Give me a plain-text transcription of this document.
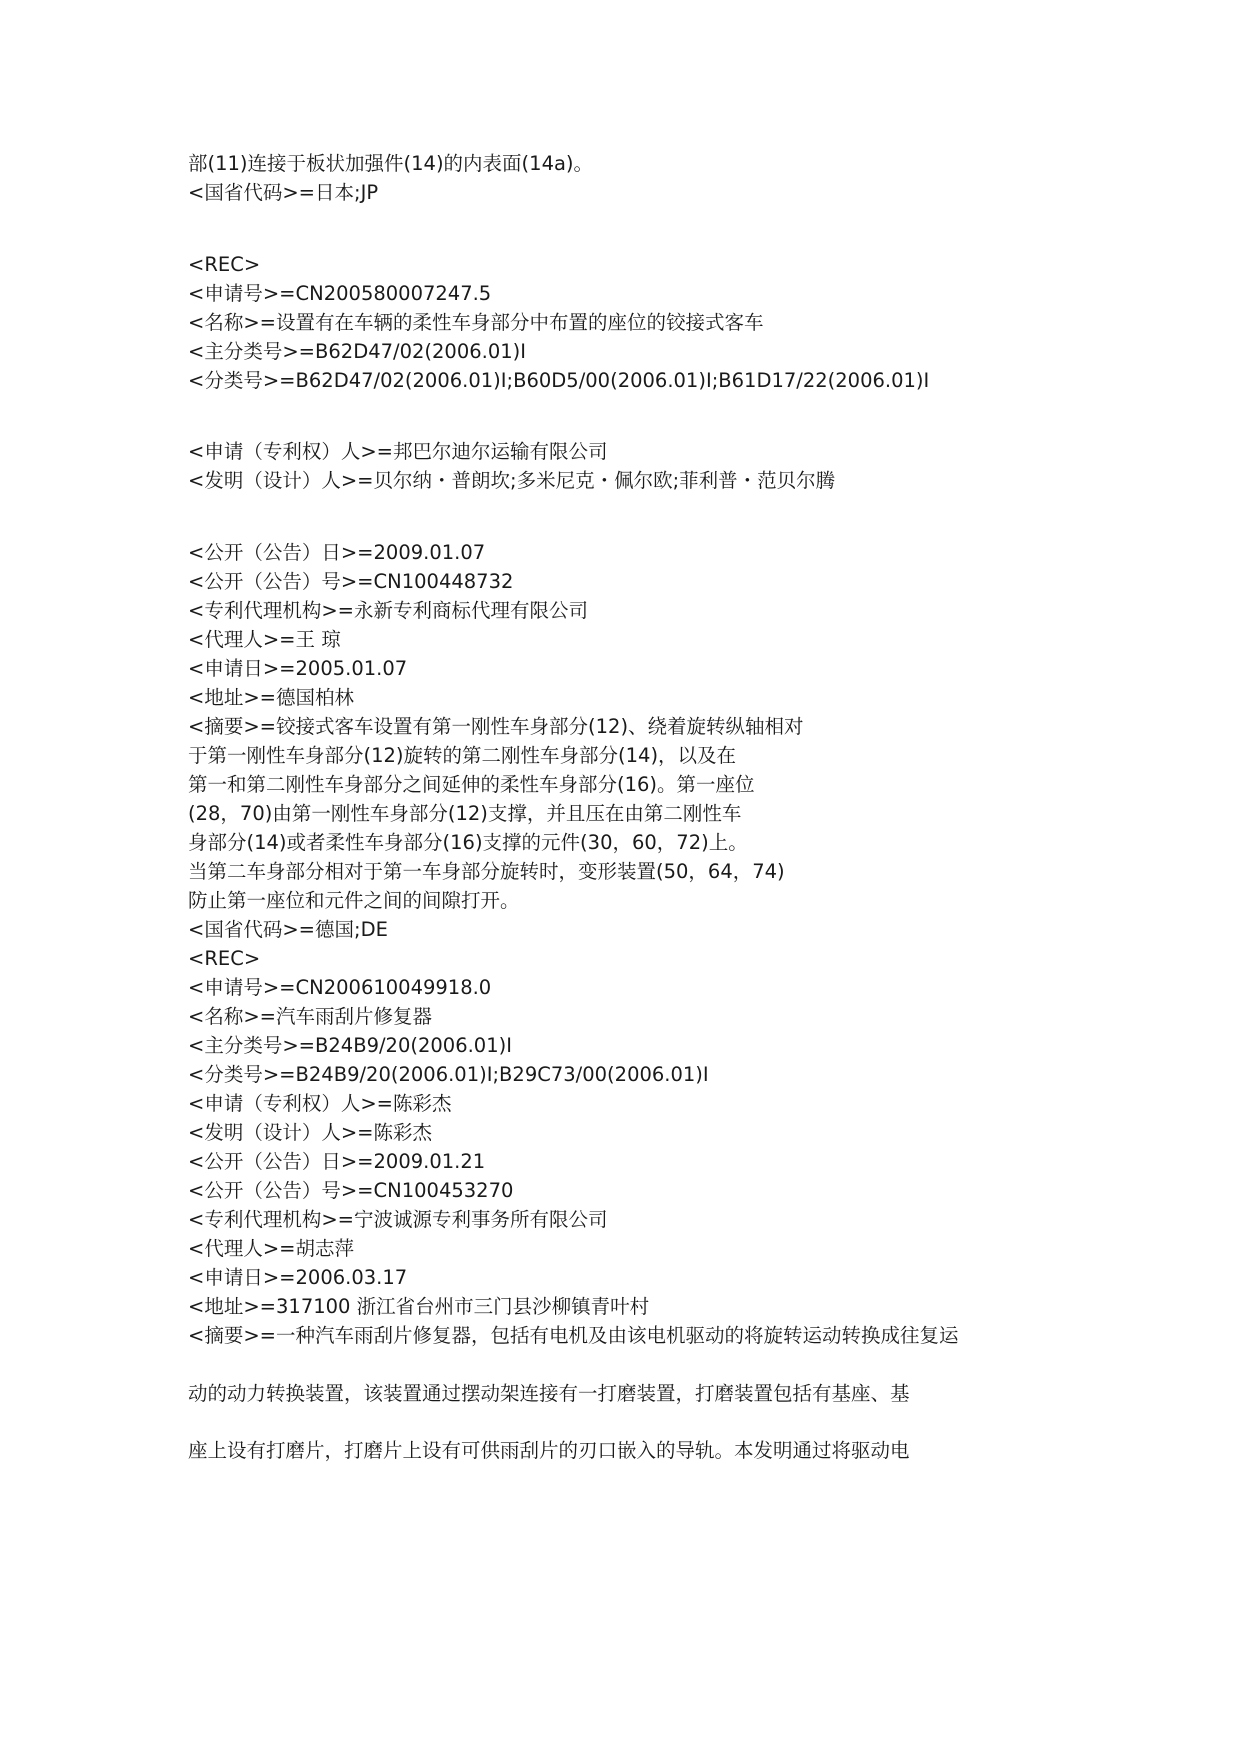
部(11)连接于板状加强件(14)的内表面(14a)。
<国省代码>=日本;JP
<REC>
<申请号>=CN200580007247.5
<名称>=设置有在车辆的柔性车身部分中布置的座位的铰接式客车
<主分类号>=B62D47/02(2006.01)I
<分类号>=B62D47/02(2006.01)I;B60D5/00(2006.01)I;B61D17/22(2006.01)I
<申请（专利权）人>=邦巴尔迪尔运输有限公司
<发明（设计）人>=贝尔纳・普朗坎;多米尼克・佩尔欧;菲利普・范贝尔腾
<公开（公告）日>=2009.01.07
<公开（公告）号>=CN100448732
<专利代理机构>=永新专利商标代理有限公司
<代理人>=王 琼
<申请日>=2005.01.07
<地址>=德国柏林
<摘要>=铰接式客车设置有第一刚性车身部分(12)、绕着旋转纵轴相对
于第一刚性车身部分(12)旋转的第二刚性车身部分(14)，以及在
第一和第二刚性车身部分之间延伸的柔性车身部分(16)。第一座位
(28，70)由第一刚性车身部分(12)支撑，并且压在由第二刚性车
身部分(14)或者柔性车身部分(16)支撑的元件(30，60，72)上。
当第二车身部分相对于第一车身部分旋转时，变形装置(50，64，74)
防止第一座位和元件之间的间隙打开。
<国省代码>=德国;DE
<REC>
<申请号>=CN200610049918.0
<名称>=汽车雨刮片修复器
<主分类号>=B24B9/20(2006.01)I
<分类号>=B24B9/20(2006.01)I;B29C73/00(2006.01)I
<申请（专利权）人>=陈彩杰
<发明（设计）人>=陈彩杰
<公开（公告）日>=2009.01.21
<公开（公告）号>=CN100453270
<专利代理机构>=宁波诚源专利事务所有限公司
<代理人>=胡志萍
<申请日>=2006.03.17
<地址>=317100 浙江省台州市三门县沙柳镇青叶村
<摘要>=一种汽车雨刮片修复器，包括有电机及由该电机驱动的将旋转运动转换成往复运
动的动力转换装置，该装置通过摆动架连接有一打磨装置，打磨装置包括有基座、基
座上设有打磨片，打磨片上设有可供雨刮片的刃口嵌入的导轨。本发明通过将驱动电
